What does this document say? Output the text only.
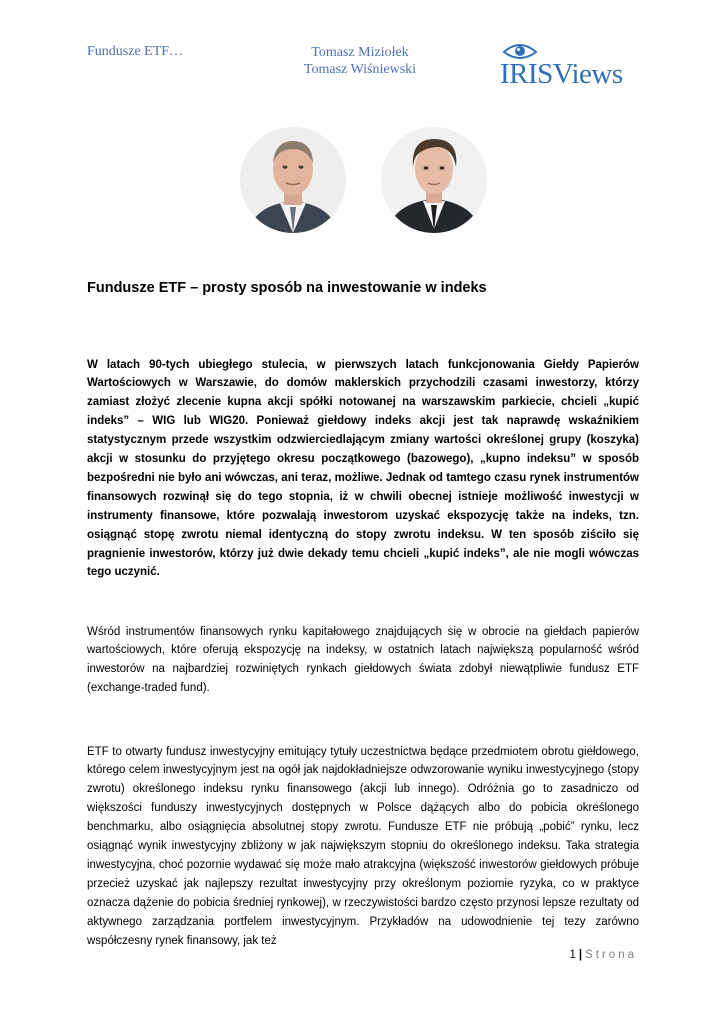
Fundusze ETF…	Tomasz Miziołek
Tomasz Wiśniewski	IRISViews
Fundusze ETF – prosty sposób na inwestowanie w indeks

W latach 90-tych ubiegłego stulecia, w pierwszych latach funkcjonowania Giełdy Papierów Wartościowych w Warszawie, do domów maklerskich przychodzili czasami inwestorzy, którzy zamiast złożyć zlecenie kupna akcji spółki notowanej na warszawskim parkiecie, chcieli „kupić indeks” – WIG lub WIG20. Ponieważ giełdowy indeks akcji jest tak naprawdę wskaźnikiem statystycznym przede wszystkim odzwierciedlającym zmiany wartości określonej grupy (koszyka) akcji w stosunku do przyjętego okresu początkowego (bazowego), „kupno indeksu” w sposób bezpośredni nie było ani wówczas, ani teraz, możliwe. Jednak od tamtego czasu rynek instrumentów finansowych rozwinął się do tego stopnia, iż w chwili obecnej istnieje możliwość inwestycji w instrumenty finansowe, które pozwalają inwestorom uzyskać ekspozycję także na indeks, tzn. osiągnąć stopę zwrotu niemal identyczną do stopy zwrotu indeksu. W ten sposób ziściło się pragnienie inwestorów, którzy już dwie dekady temu chcieli „kupić indeks”, ale nie mogli wówczas tego uczynić.

Wśród instrumentów finansowych rynku kapitałowego znajdujących się w obrocie na giełdach papierów wartościowych, które oferują ekspozycję na indeksy, w ostatnich latach największą popularność wśród inwestorów na najbardziej rozwiniętych rynkach giełdowych świata zdobył niewątpliwie fundusz ETF (exchange-traded fund).

ETF to otwarty fundusz inwestycyjny emitujący tytuły uczestnictwa będące przedmiotem obrotu giełdowego, którego celem inwestycyjnym jest na ogół jak najdokładniejsze odwzorowanie wyniku inwestycyjnego (stopy zwrotu) określonego indeksu rynku finansowego (akcji lub innego). Odróżnia go to zasadniczo od większości funduszy inwestycyjnych dostępnych w Polsce dążących albo do pobicia określonego benchmarku, albo osiągnięcia absolutnej stopy zwrotu. Fundusze ETF nie próbują „pobić” rynku, lecz osiągnąć wynik inwestycyjny zbliżony w jak największym stopniu do określonego indeksu. Taka strategia inwestycyjna, choć pozornie wydawać się może mało atrakcyjna (większość inwestorów giełdowych próbuje przecież uzyskać jak najlepszy rezultat inwestycyjny przy określonym poziomie ryzyka, co w praktyce oznacza dążenie do pobicia średniej rynkowej), w rzeczywistości bardzo często przynosi lepsze rezultaty od aktywnego zarządzania portfelem inwestycyjnym. Przykładów na udowodnienie tej tezy zarówno współczesny rynek finansowy, jak też

1 | Strona
